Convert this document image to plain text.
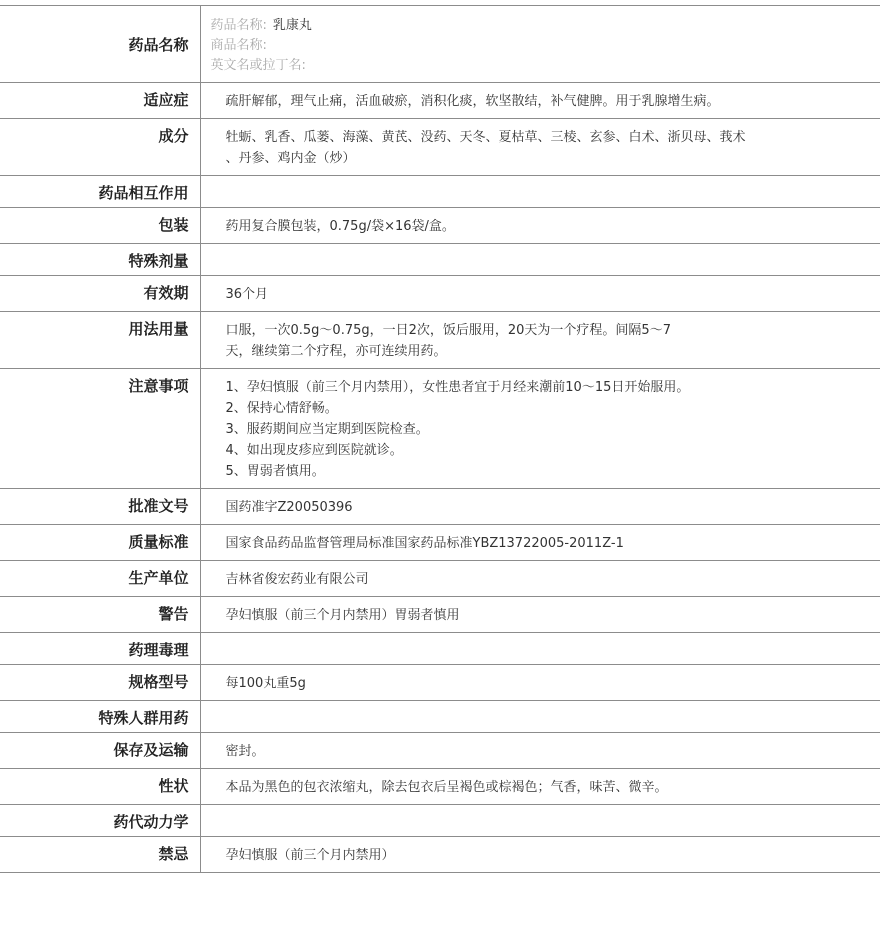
药品名称	药品名称: 乳康丸
商品名称:
英文名或拉丁名:

适应症	疏肝解郁，理气止痛，活血破瘀，消积化痰，软坚散结，补气健脾。用于乳腺增生病。

成分	牡蛎、乳香、瓜蒌、海藻、黄芪、没药、天冬、夏枯草、三棱、玄参、白术、浙贝母、莪术
、丹参、鸡内金（炒）

药品相互作用	
包装	药用复合膜包装，0.75g/袋×16袋/盒。

特殊剂量	
有效期	36个月

用法用量	口服，一次0.5g～0.75g，一日2次，饭后服用，20天为一个疗程。间隔5～7
天，继续第二个疗程，亦可连续用药。

注意事项	1、孕妇慎服（前三个月内禁用），女性患者宜于月经来潮前10～15日开始服用。
2、保持心情舒畅。
3、服药期间应当定期到医院检查。
4、如出现皮疹应到医院就诊。
5、胃弱者慎用。

批准文号	国药准字Z20050396

质量标准	国家食品药品监督管理局标准国家药品标准YBZ13722005-2011Z-1

生产单位	吉林省俊宏药业有限公司

警告	孕妇慎服（前三个月内禁用）胃弱者慎用

药理毒理	
规格型号	每100丸重5g

特殊人群用药	
保存及运输	密封。

性状	本品为黑色的包衣浓缩丸，除去包衣后呈褐色或棕褐色；气香，味苦、微辛。

药代动力学	
禁忌	孕妇慎服（前三个月内禁用）
